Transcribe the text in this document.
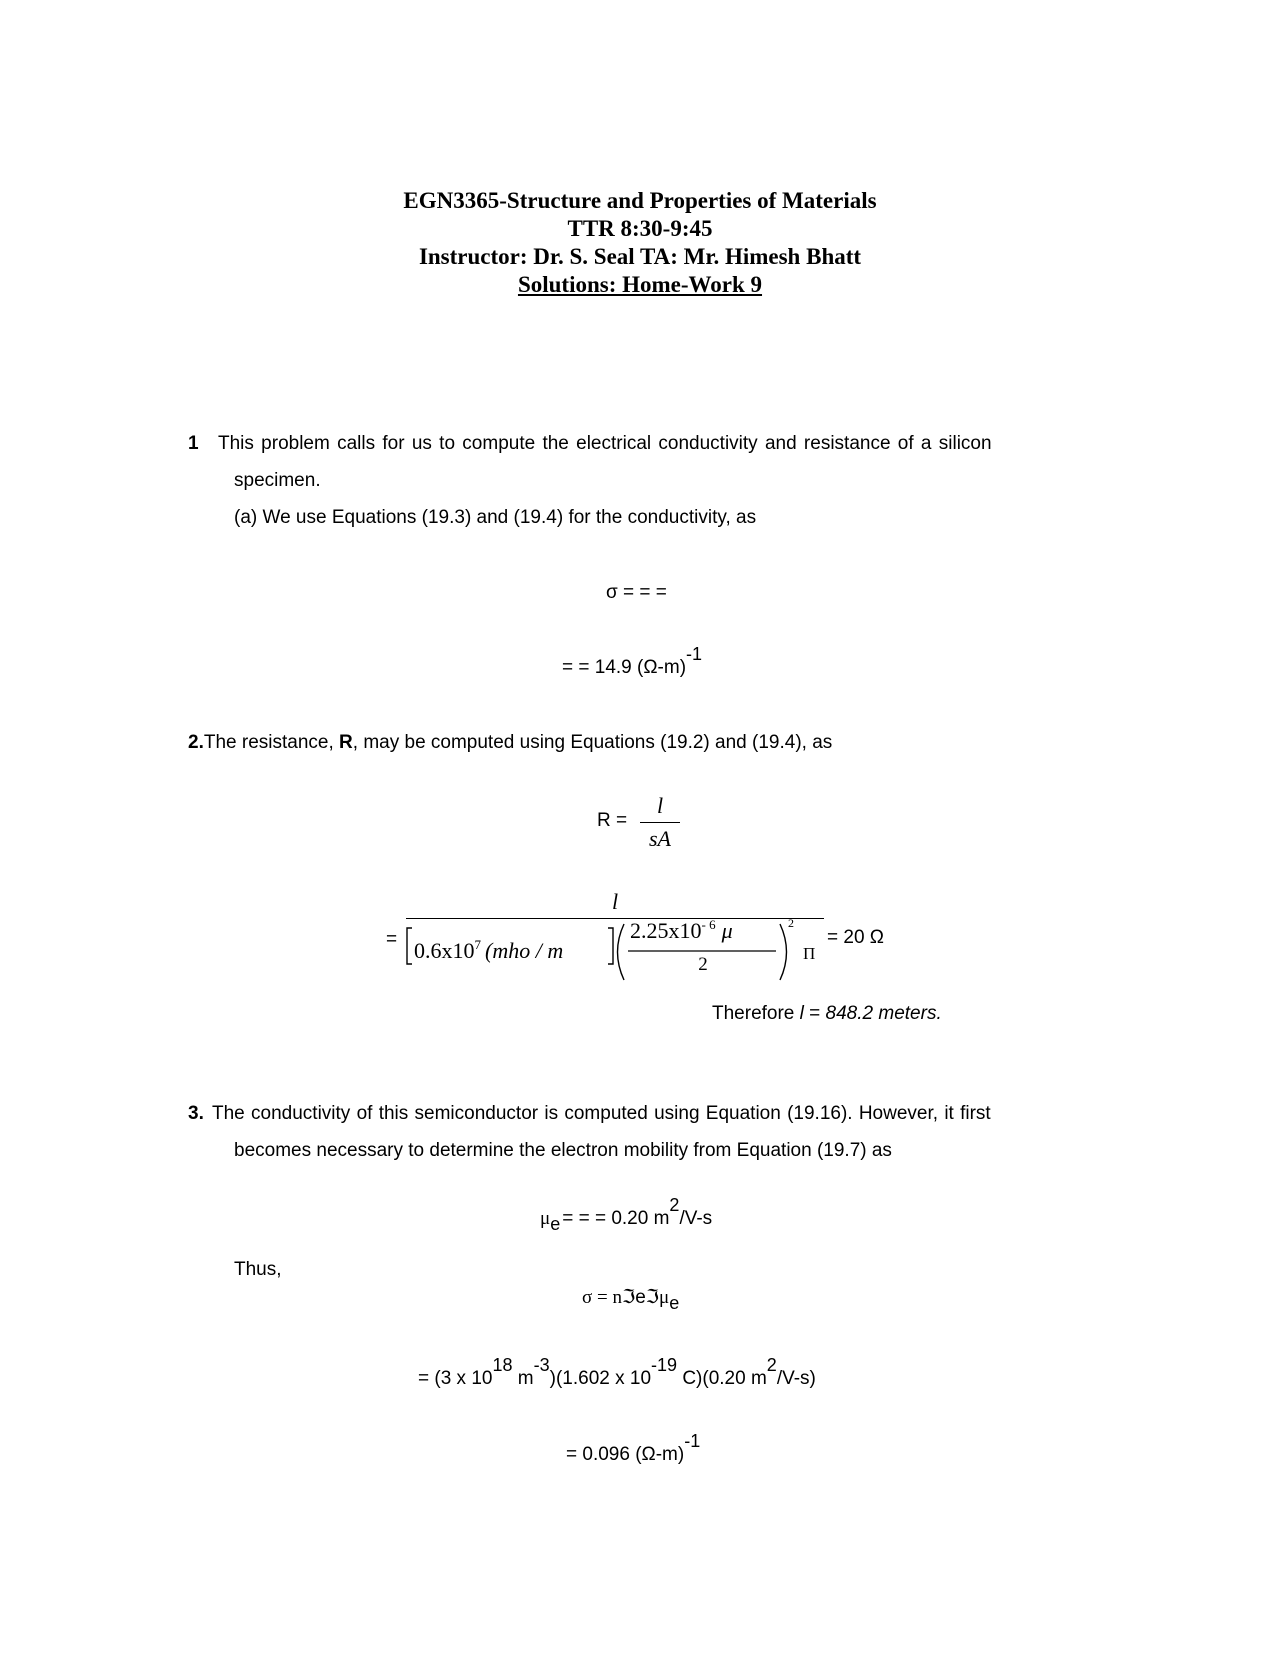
EGN3365-Structure and Properties of Materials
TTR 8:30-9:45
Instructor: Dr. S. Seal TA: Mr. Himesh Bhatt
Solutions: Home-Work 9
1 This problem calls for us to compute the electrical conductivity and resistance of a silicon
specimen.
(a) We use Equations (19.3) and (19.4) for the conductivity, as
σ = = =
= = 14.9 (Ω-m)-1
2.The resistance, R, may be computed using Equations (19.2) and (19.4), as
R =
l
sA
=
l
$0.6x10^7$ (mho / m
$2.25x10^{- 6}$ μ
2
2
Π
= 20 Ω
Therefore l = 848.2 meters.
3. The conductivity of this semiconductor is computed using Equation (19.16). However, it first
becomes necessary to determine the electron mobility from Equation (19.7) as
μe = = = 0.20 m2/V-s
Thus,
σ = nℑeℑμe
= (3 x 1018 m-3)(1.602 x 10-19 C)(0.20 m2/V-s)
= 0.096 (Ω-m)-1
